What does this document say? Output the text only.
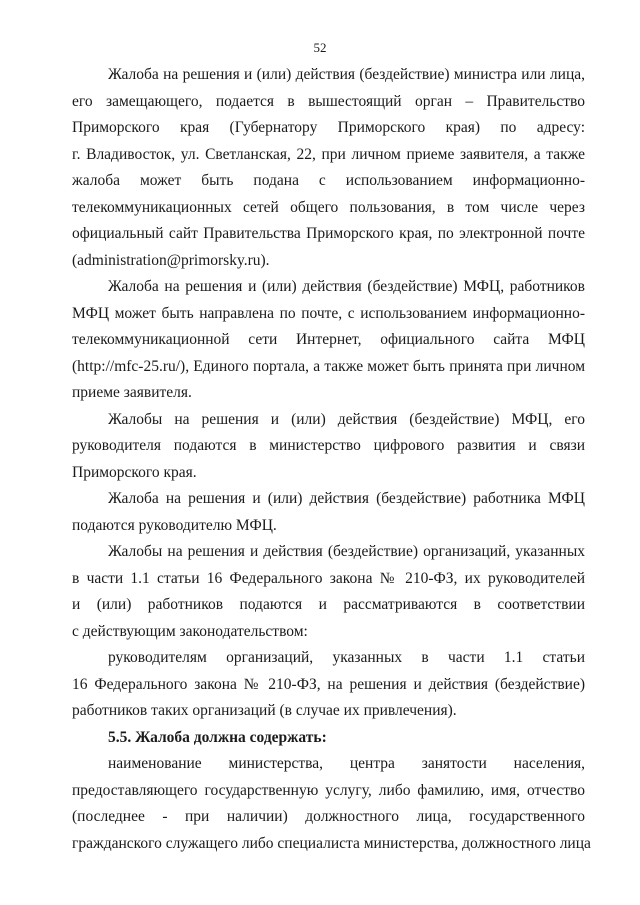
52
Жалоба на решения и (или) действия (бездействие) министра или лица,
его замещающего, подается в вышестоящий орган – Правительство
Приморского края (Губернатору Приморского края) по адресу:
г. Владивосток, ул. Светланская, 22, при личном приеме заявителя, а также
жалоба может быть подана с использованием информационно-
телекоммуникационных сетей общего пользования, в том числе через
официальный сайт Правительства Приморского края, по электронной почте
(administration@primorsky.ru).
Жалоба на решения и (или) действия (бездействие) МФЦ, работников
МФЦ может быть направлена по почте, с использованием информационно-
телекоммуникационной сети Интернет, официального сайта МФЦ
(http://mfc-25.ru/), Единого портала, а также может быть принята при личном
приеме заявителя.
Жалобы на решения и (или) действия (бездействие) МФЦ, его
руководителя подаются в министерство цифрового развития и связи
Приморского края.
Жалоба на решения и (или) действия (бездействие) работника МФЦ
подаются руководителю МФЦ.
Жалобы на решения и действия (бездействие) организаций, указанных
в части 1.1 статьи 16 Федерального закона № 210-ФЗ, их руководителей
и (или) работников подаются и рассматриваются в соответствии
с действующим законодательством:
руководителям организаций, указанных в части 1.1 статьи
16 Федерального закона № 210-ФЗ, на решения и действия (бездействие)
работников таких организаций (в случае их привлечения).
5.5. Жалоба должна содержать:
наименование министерства, центра занятости населения,
предоставляющего государственную услугу, либо фамилию, имя, отчество
(последнее - при наличии) должностного лица, государственного
гражданского служащего либо специалиста министерства, должностного лица
